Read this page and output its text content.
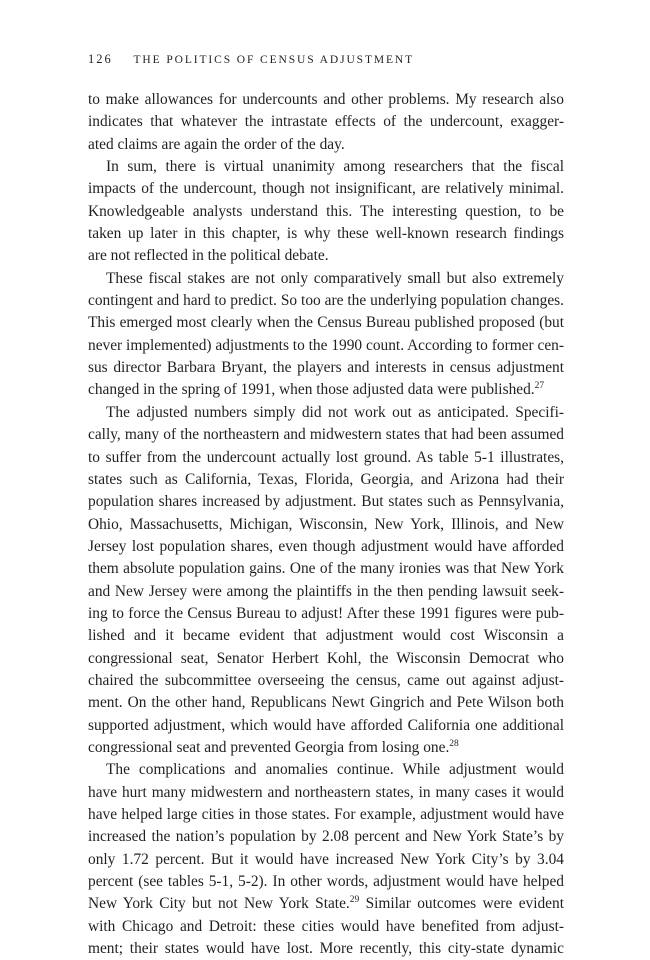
126 THE POLITICS OF CENSUS ADJUSTMENT
to make allowances for undercounts and other problems. My research also
indicates that whatever the intrastate effects of the undercount, exagger-
ated claims are again the order of the day.
In sum, there is virtual unanimity among researchers that the fiscal
impacts of the undercount, though not insignificant, are relatively minimal.
Knowledgeable analysts understand this. The interesting question, to be
taken up later in this chapter, is why these well-known research findings
are not reflected in the political debate.
These fiscal stakes are not only comparatively small but also extremely
contingent and hard to predict. So too are the underlying population changes.
This emerged most clearly when the Census Bureau published proposed (but
never implemented) adjustments to the 1990 count. According to former cen-
sus director Barbara Bryant, the players and interests in census adjustment
changed in the spring of 1991, when those adjusted data were published.$^{27}$
The adjusted numbers simply did not work out as anticipated. Specifi-
cally, many of the northeastern and midwestern states that had been assumed
to suffer from the undercount actually lost ground. As table 5-1 illustrates,
states such as California, Texas, Florida, Georgia, and Arizona had their
population shares increased by adjustment. But states such as Pennsylvania,
Ohio, Massachusetts, Michigan, Wisconsin, New York, Illinois, and New
Jersey lost population shares, even though adjustment would have afforded
them absolute population gains. One of the many ironies was that New York
and New Jersey were among the plaintiffs in the then pending lawsuit seek-
ing to force the Census Bureau to adjust! After these 1991 figures were pub-
lished and it became evident that adjustment would cost Wisconsin a
congressional seat, Senator Herbert Kohl, the Wisconsin Democrat who
chaired the subcommittee overseeing the census, came out against adjust-
ment. On the other hand, Republicans Newt Gingrich and Pete Wilson both
supported adjustment, which would have afforded California one additional
congressional seat and prevented Georgia from losing one.$^{28}$
The complications and anomalies continue. While adjustment would
have hurt many midwestern and northeastern states, in many cases it would
have helped large cities in those states. For example, adjustment would have
increased the nation’s population by 2.08 percent and New York State’s by
only 1.72 percent. But it would have increased New York City’s by 3.04
percent (see tables 5-1, 5-2). In other words, adjustment would have helped
New York City but not New York State.$^{29}$ Similar outcomes were evident
with Chicago and Detroit: these cities would have benefited from adjust-
ment; their states would have lost. More recently, this city-state dynamic
